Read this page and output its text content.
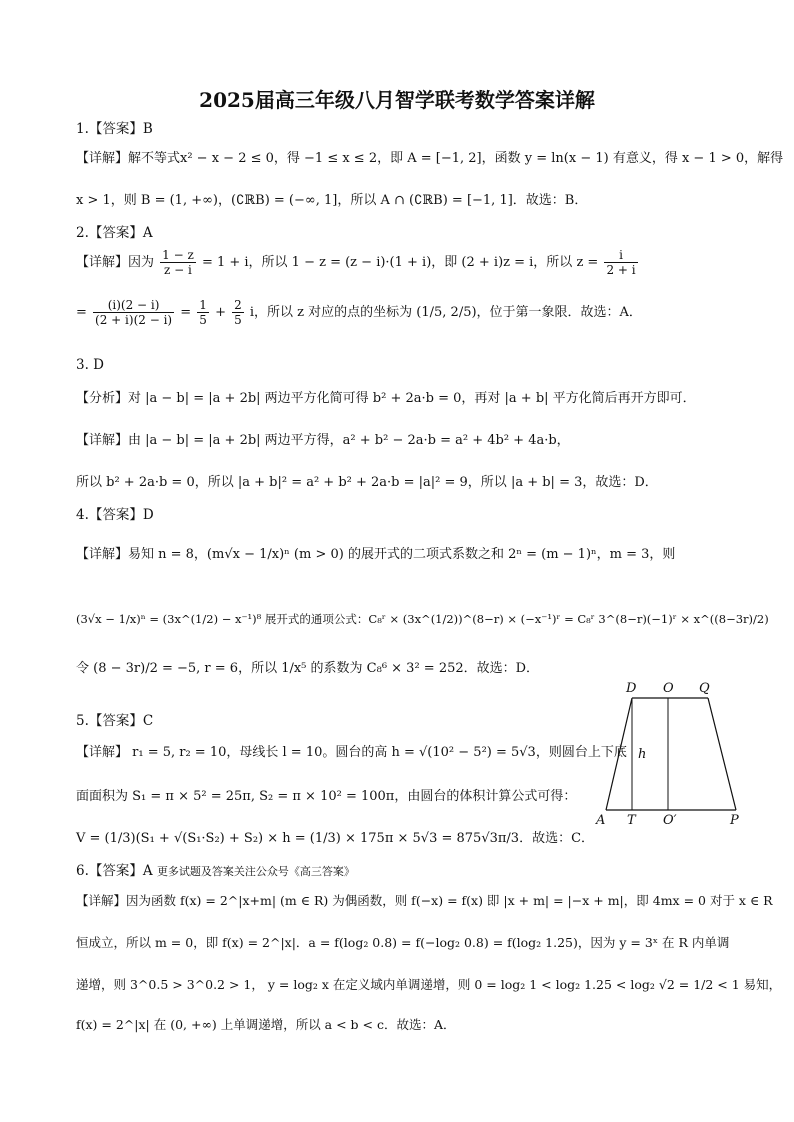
2025届高三年级八月智学联考数学答案详解
1.【答案】B
【详解】解不等式x² − x − 2 ≤ 0，得 −1 ≤ x ≤ 2，即 A = [−1, 2]，函数 y = ln(x − 1) 有意义，得 x − 1 > 0，解得
x > 1，则 B = (1, +∞)，(∁ℝB) = (−∞, 1]，所以 A ∩ (∁ℝB) = [−1, 1]．故选：B．
2.【答案】A
【详解】因为 $\frac{1 - z}{z - i} = 1 + i$，所以 1 − z = (z − i)·(1 + i)，即 (2 + i)z = i，所以 $z = \frac{i}{2 + i}$
= $\frac{(i)(2 - i)}{(2 + i)(2 - i)} = \frac{1}{5} + \frac{2}{5}$ i，所以 z 对应的点的坐标为 (1/5, 2/5)，位于第一象限．故选：A．
3. D
【分析】对 |a − b| = |a + 2b| 两边平方化简可得 b² + 2a·b = 0，再对 |a + b| 平方化简后再开方即可．
【详解】由 |a − b| = |a + 2b| 两边平方得，a² + b² − 2a·b = a² + 4b² + 4a·b，
所以 b² + 2a·b = 0，所以 |a + b|² = a² + b² + 2a·b = |a|² = 9，所以 |a + b| = 3，故选：D．
4.【答案】D
【详解】易知 n = 8，(m√x − 1/x)ⁿ (m > 0) 的展开式的二项式系数之和 2ⁿ = (m − 1)ⁿ，m = 3，则
(3√x − 1/x)ⁿ = (3x^(1/2) − x⁻¹)⁸ 展开式的通项公式：C₈ʳ × (3x^(1/2))^(8−r) × (−x⁻¹)ʳ = C₈ʳ 3^(8−r)(−1)ʳ × x^((8−3r)/2)
令 (8 − 3r)/2 = −5, r = 6，所以 1/x⁵ 的系数为 C₈⁶ × 3² = 252．故选：D．
5.【答案】C
【详解】 r₁ = 5, r₂ = 10，母线长 l = 10。圆台的高 h = √(10² − 5²) = 5√3，则圆台上下底
面面积为 S₁ = π × 5² = 25π, S₂ = π × 10² = 100π，由圆台的体积计算公式可得：
V = (1/3)(S₁ + √(S₁·S₂) + S₂) × h = (1/3) × 175π × 5√3 = 875√3π/3．故选：C．
D O Q
h
A T O′	P
6.【答案】A 更多试题及答案关注公众号《高三答案》
【详解】因为函数 f(x) = 2^|x+m| (m ∈ R) 为偶函数，则 f(−x) = f(x) 即 |x + m| = |−x + m|，即 4mx = 0 对于 x ∈ R
恒成立，所以 m = 0，即 f(x) = 2^|x|．a = f(log₂ 0.8) = f(−log₂ 0.8) = f(log₂ 1.25)，因为 y = 3ˣ 在 R 内单调
递增，则 3^0.5 > 3^0.2 > 1， y = log₂ x 在定义域内单调递增，则 0 = log₂ 1 < log₂ 1.25 < log₂ √2 = 1/2 < 1 易知，
f(x) = 2^|x| 在 (0, +∞) 上单调递增，所以 a < b < c．故选：A．
